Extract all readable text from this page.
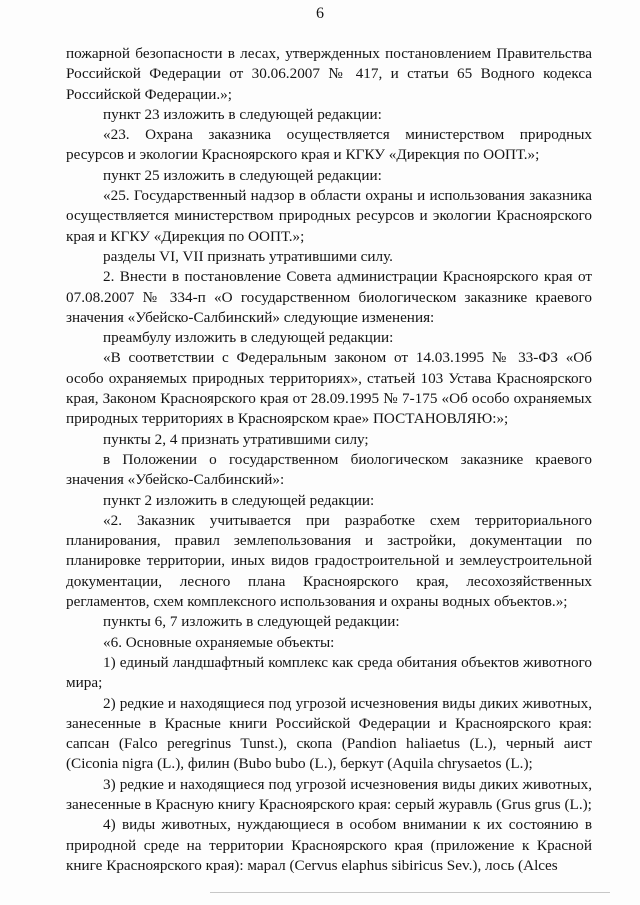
6

пожарной безопасности в лесах, утвержденных постановлением Правительства Российской Федерации от 30.06.2007 № 417, и статьи 65 Водного кодекса Российской Федерации.»;

пункт 23 изложить в следующей редакции:

«23. Охрана заказника осуществляется министерством природных ресурсов и экологии Красноярского края и КГКУ «Дирекция по ООПТ.»;

пункт 25 изложить в следующей редакции:

«25. Государственный надзор в области охраны и использования заказника осуществляется министерством природных ресурсов и экологии Красноярского края и КГКУ «Дирекция по ООПТ.»;

разделы VI, VII признать утратившими силу.

2. Внести в постановление Совета администрации Красноярского края от 07.08.2007 № 334-п «О государственном биологическом заказнике краевого значения «Убейско-Салбинский» следующие изменения:

преамбулу изложить в следующей редакции:

«В соответствии с Федеральным законом от 14.03.1995 № 33-ФЗ «Об особо охраняемых природных территориях», статьей 103 Устава Красноярского края, Законом Красноярского края от 28.09.1995 № 7-175 «Об особо охраняемых природных территориях в Красноярском крае» ПОСТАНОВЛЯЮ:»;

пункты 2, 4 признать утратившими силу;

в Положении о государственном биологическом заказнике краевого значения «Убейско-Салбинский»:

пункт 2 изложить в следующей редакции:

«2. Заказник учитывается при разработке схем территориального планирования, правил землепользования и застройки, документации по планировке территории, иных видов градостроительной и землеустроительной документации, лесного плана Красноярского края, лесохозяйственных регламентов, схем комплексного использования и охраны водных объектов.»;

пункты 6, 7 изложить в следующей редакции:

«6. Основные охраняемые объекты:

1) единый ландшафтный комплекс как среда обитания объектов животного мира;

2) редкие и находящиеся под угрозой исчезновения виды диких животных, занесенные в Красные книги Российской Федерации и Красноярского края: сапсан (Falco peregrinus Tunst.), скопа (Pandion haliaetus (L.), черный аист (Ciconia nigra (L.), филин (Bubo bubo (L.), беркут (Aquila chrysaetos (L.);

3) редкие и находящиеся под угрозой исчезновения виды диких животных, занесенные в Красную книгу Красноярского края: серый журавль (Grus grus (L.);

4) виды животных, нуждающиеся в особом внимании к их состоянию в природной среде на территории Красноярского края (приложение к Красной книге Красноярского края): марал (Cervus elaphus sibiricus Sev.), лось (Alces
